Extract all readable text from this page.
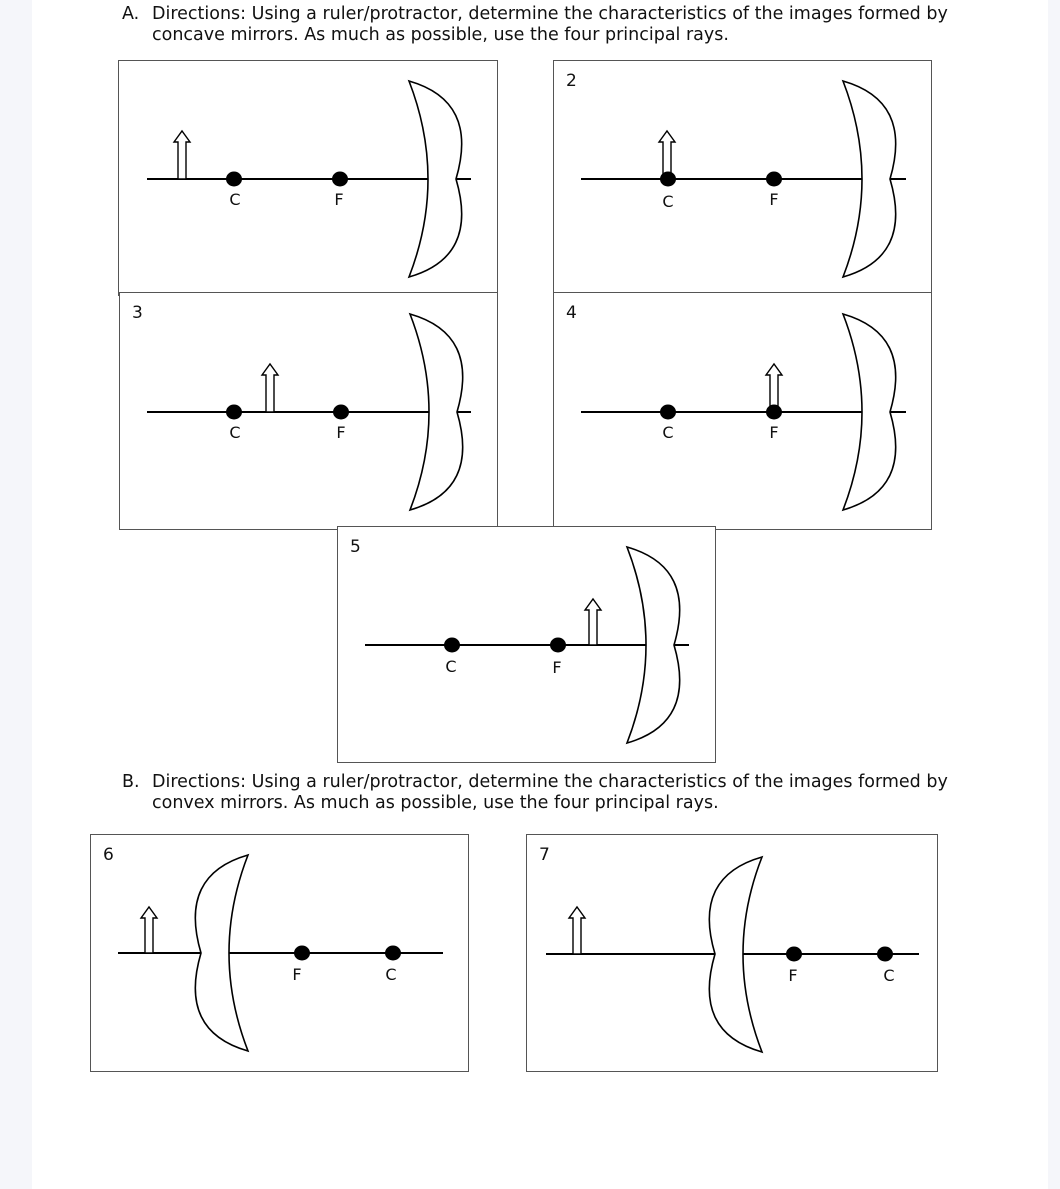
A. Directions: Using a ruler/protractor, determine the characteristics of the images formed by
concave mirrors. As much as possible, use the four principal rays.
C	F
2
C	F
3
C	F
4
C	F
5
C	F
B. Directions: Using a ruler/protractor, determine the characteristics of the images formed by
convex mirrors. As much as possible, use the four principal rays.
6
F	C
7
F	C
